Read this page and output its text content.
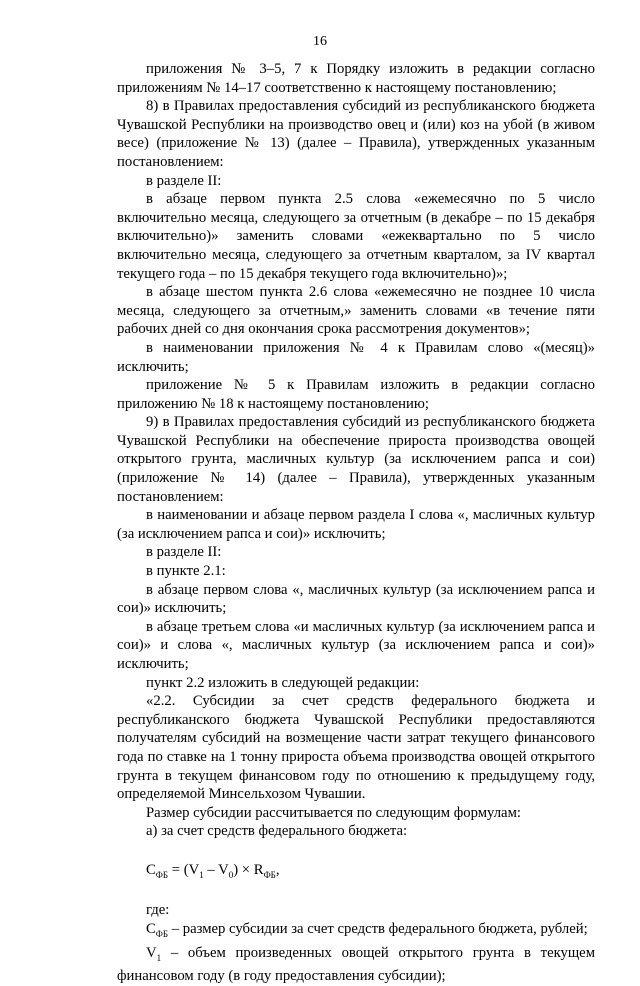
16

приложения № 3–5, 7 к Порядку изложить в редакции согласно приложениям № 14–17 соответственно к настоящему постановлению;

8) в Правилах предоставления субсидий из республиканского бюджета Чувашской Республики на производство овец и (или) коз на убой (в живом весе) (приложение № 13) (далее – Правила), утвержденных указанным постановлением:

в разделе II:

в абзаце первом пункта 2.5 слова «ежемесячно по 5 число включительно месяца, следующего за отчетным (в декабре – по 15 декабря включительно)» заменить словами «ежеквартально по 5 число включительно месяца, следующего за отчетным кварталом, за IV квартал текущего года – по 15 декабря текущего года включительно)»;

в абзаце шестом пункта 2.6 слова «ежемесячно не позднее 10 числа месяца, следующего за отчетным,» заменить словами «в течение пяти рабочих дней со дня окончания срока рассмотрения документов»;

в наименовании приложения № 4 к Правилам слово «(месяц)» исключить;

приложение № 5 к Правилам изложить в редакции согласно приложению № 18 к настоящему постановлению;

9) в Правилах предоставления субсидий из республиканского бюджета Чувашской Республики на обеспечение прироста производства овощей открытого грунта, масличных культур (за исключением рапса и сои) (приложение № 14) (далее – Правила), утвержденных указанным постановлением:

в наименовании и абзаце первом раздела I слова «, масличных культур (за исключением рапса и сои)» исключить;

в разделе II:

в пункте 2.1:

в абзаце первом слова «, масличных культур (за исключением рапса и сои)» исключить;

в абзаце третьем слова «и масличных культур (за исключением рапса и сои)» и слова «, масличных культур (за исключением рапса и сои)» исключить;

пункт 2.2 изложить в следующей редакции:

«2.2. Субсидии за счет средств федерального бюджета и республиканского бюджета Чувашской Республики предоставляются получателям субсидий на возмещение части затрат текущего финансового года по ставке на 1 тонну прироста объема производства овощей открытого грунта в текущем финансовом году по отношению к предыдущему году, определяемой Минсельхозом Чувашии.

Размер субсидии рассчитывается по следующим формулам:

а) за счет средств федерального бюджета:

$С_{ФБ} = (V_1 - V_0) \times R_{ФБ}$,

где:

$С_{ФБ}$ – размер субсидии за счет средств федерального бюджета, рублей;

$V_1$ – объем произведенных овощей открытого грунта в текущем финансовом году (в году предоставления субсидии);
